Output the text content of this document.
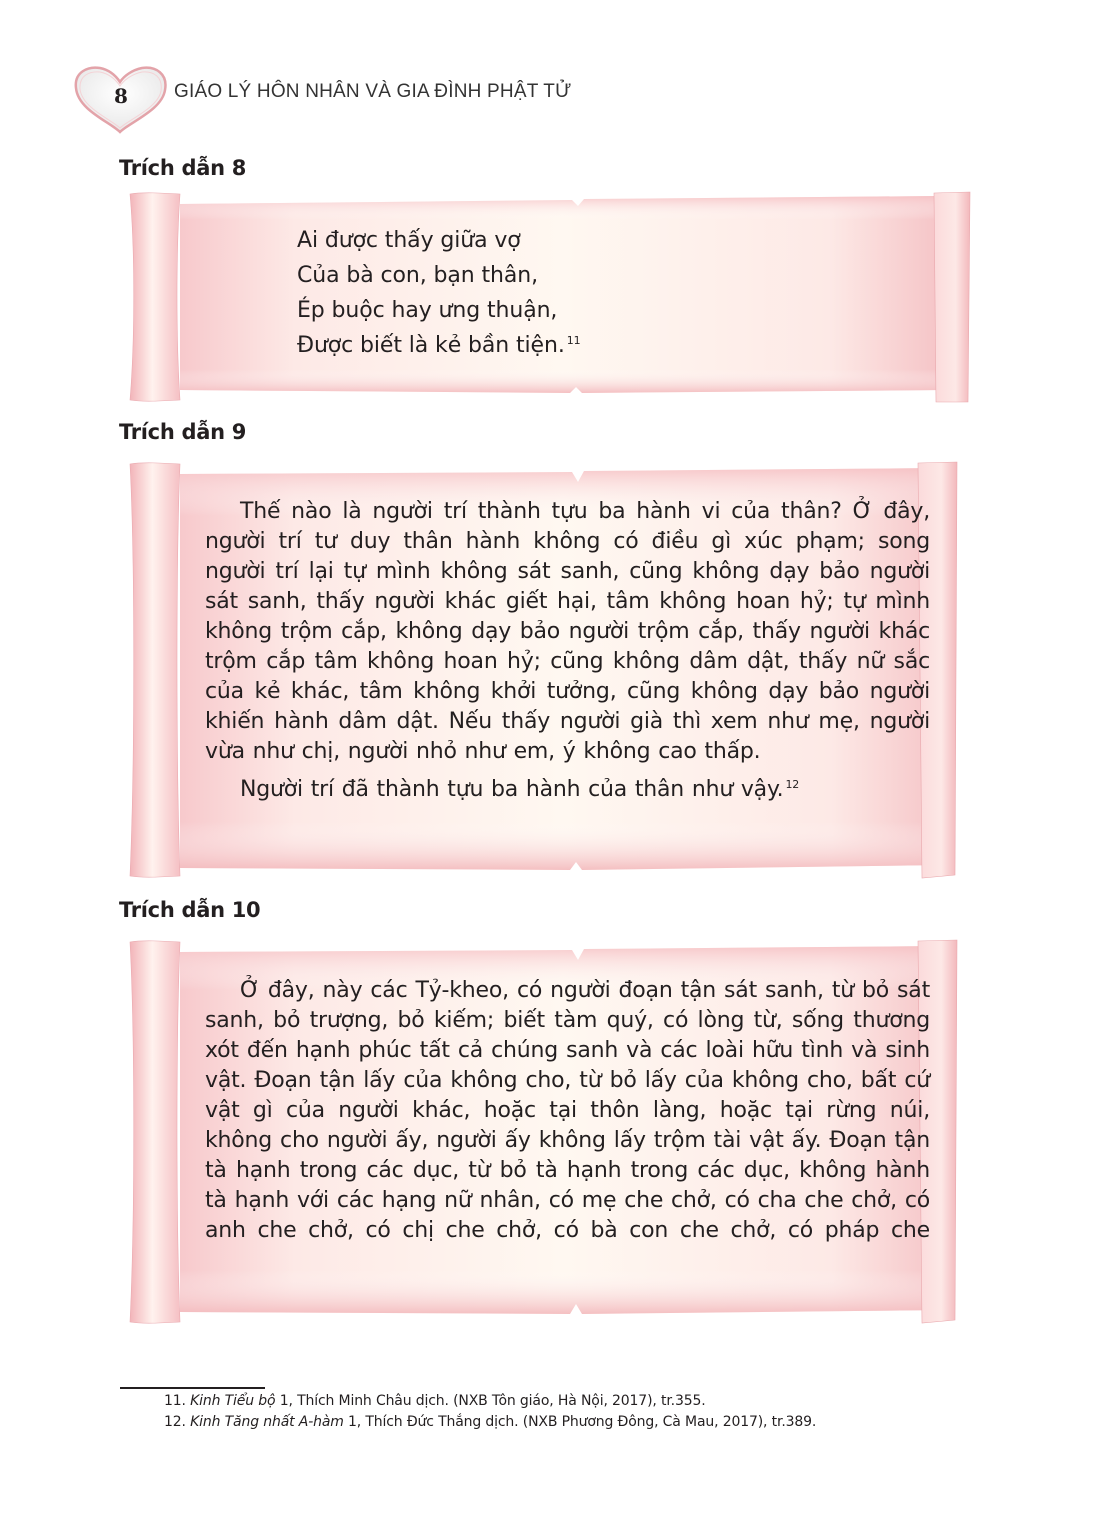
8	GIÁO LÝ HÔN NHÂN VÀ GIA ĐÌNH PHẬT TỬ
Trích dẫn 8
Ai được thấy giữa vợ
Của bà con, bạn thân,
Ép buộc hay ưng thuận,
Được biết là kẻ bần tiện. $^{11}$
Trích dẫn 9

Thế nào là người trí thành tựu ba hành vi của thân? Ở đây, người trí tư duy thân hành không có điều gì xúc phạm; song người trí lại tự mình không sát sanh, cũng không dạy bảo người sát sanh, thấy người khác giết hại, tâm không hoan hỷ; tự mình không trộm cắp, không dạy bảo người trộm cắp, thấy người khác trộm cắp tâm không hoan hỷ; cũng không dâm dật, thấy nữ sắc của kẻ khác, tâm không khởi tưởng, cũng không dạy bảo người khiến hành dâm dật. Nếu thấy người già thì xem như mẹ, người vừa như chị, người nhỏ như em, ý không cao thấp.

Người trí đã thành tựu ba hành của thân như vậy. $^{12}$

Trích dẫn 10

Ở đây, này các Tỷ-kheo, có người đoạn tận sát sanh, từ bỏ sát sanh, bỏ trượng, bỏ kiếm; biết tàm quý, có lòng từ, sống thương xót đến hạnh phúc tất cả chúng sanh và các loài hữu tình và sinh vật. Đoạn tận lấy của không cho, từ bỏ lấy của không cho, bất cứ vật gì của người khác, hoặc tại thôn làng, hoặc tại rừng núi, không cho người ấy, người ấy không lấy trộm tài vật ấy. Đoạn tận tà hạnh trong các dục, từ bỏ tà hạnh trong các dục, không hành tà hạnh với các hạng nữ nhân, có mẹ che chở, có cha che chở, có anh che chở, có chị che chở, có bà con che chở, có pháp che

11. Kinh Tiểu bộ 1, Thích Minh Châu dịch. (NXB Tôn giáo, Hà Nội, 2017), tr.355.
12. Kinh Tăng nhất A-hàm 1, Thích Đức Thắng dịch. (NXB Phương Đông, Cà Mau, 2017), tr.389.
